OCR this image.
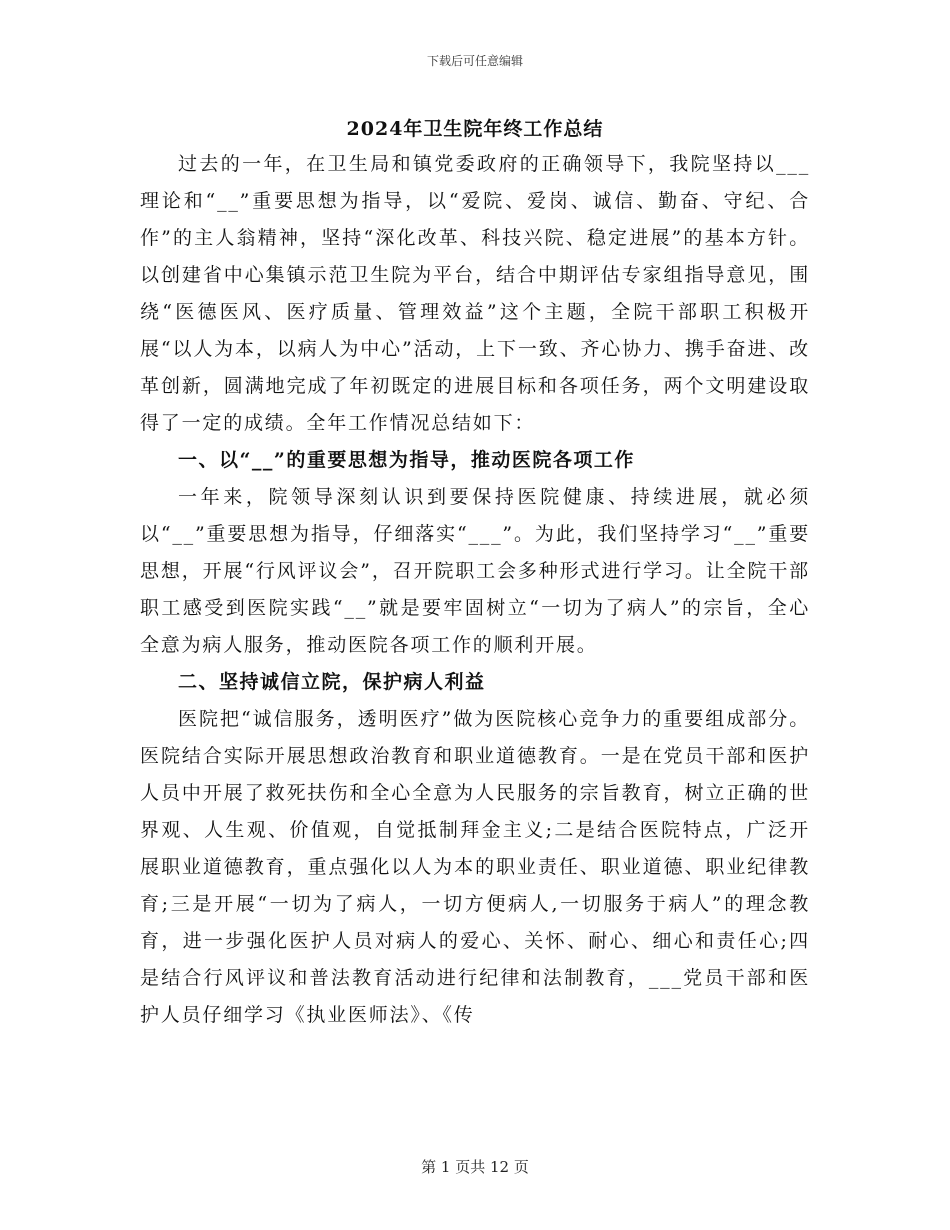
下载后可任意编辑
2024年卫生院年终工作总结

过去的一年，在卫生局和镇党委政府的正确领导下，我院坚持以___理论和“__”重要思想为指导，以“爱院、爱岗、诚信、勤奋、守纪、合作”的主人翁精神，坚持“深化改革、科技兴院、稳定进展”的基本方针。以创建省中心集镇示范卫生院为平台，结合中期评估专家组指导意见，围绕“医德医风、医疗质量、管理效益”这个主题，全院干部职工积极开展“以人为本，以病人为中心”活动，上下一致、齐心协力、携手奋进、改革创新，圆满地完成了年初既定的进展目标和各项任务，两个文明建设取得了一定的成绩。全年工作情况总结如下：

一、以“__”的重要思想为指导，推动医院各项工作

一年来，院领导深刻认识到要保持医院健康、持续进展，就必须以“__”重要思想为指导，仔细落实“___”。为此，我们坚持学习“__”重要思想，开展“行风评议会”，召开院职工会多种形式进行学习。让全院干部职工感受到医院实践“__”就是要牢固树立“一切为了病人”的宗旨，全心全意为病人服务，推动医院各项工作的顺利开展。

二、坚持诚信立院，保护病人利益

医院把“诚信服务，透明医疗”做为医院核心竞争力的重要组成部分。医院结合实际开展思想政治教育和职业道德教育。一是在党员干部和医护人员中开展了救死扶伤和全心全意为人民服务的宗旨教育，树立正确的世界观、人生观、价值观，自觉抵制拜金主义;二是结合医院特点，广泛开展职业道德教育，重点强化以人为本的职业责任、职业道德、职业纪律教育;三是开展“一切为了病人，一切方便病人,一切服务于病人”的理念教育，进一步强化医护人员对病人的爱心、关怀、耐心、细心和责任心;四是结合行风评议和普法教育活动进行纪律和法制教育，___党员干部和医护人员仔细学习《执业医师法》、《传

第 1 页共 12 页
